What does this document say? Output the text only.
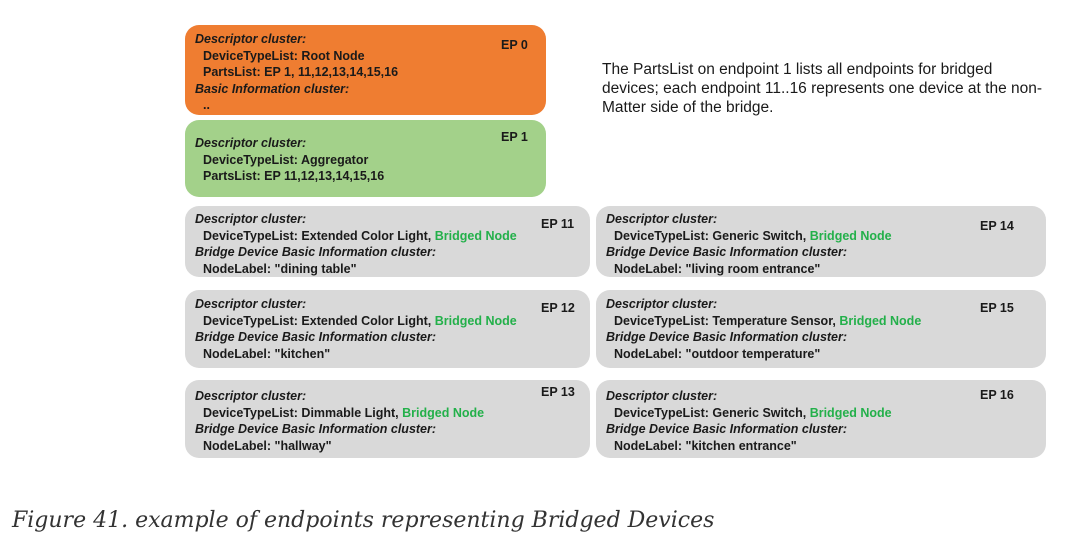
Descriptor cluster:
DeviceTypeList: Root Node
PartsList: EP 1, 11,12,13,14,15,16
Basic Information cluster:
..
EP 0
Descriptor cluster:
DeviceTypeList: Aggregator
PartsList: EP 11,12,13,14,15,16
EP 1
The PartsList on endpoint 1 lists all endpoints for bridged devices; each endpoint 11..16 represents one device at the non-Matter side of the bridge.
Descriptor cluster:
DeviceTypeList: Extended Color Light, Bridged Node
Bridge Device Basic Information cluster:
NodeLabel: "dining table"
EP 11
Descriptor cluster:
DeviceTypeList: Extended Color Light, Bridged Node
Bridge Device Basic Information cluster:
NodeLabel: "kitchen"
EP 12
Descriptor cluster:
DeviceTypeList: Dimmable Light, Bridged Node
Bridge Device Basic Information cluster:
NodeLabel: "hallway"
EP 13
Descriptor cluster:
DeviceTypeList: Generic Switch, Bridged Node
Bridge Device Basic Information cluster:
NodeLabel: "living room entrance"
EP 14
Descriptor cluster:
DeviceTypeList: Temperature Sensor, Bridged Node
Bridge Device Basic Information cluster:
NodeLabel: "outdoor temperature"
EP 15
Descriptor cluster:
DeviceTypeList: Generic Switch, Bridged Node
Bridge Device Basic Information cluster:
NodeLabel: "kitchen entrance"
EP 16
Figure 41. example of endpoints representing Bridged Devices
